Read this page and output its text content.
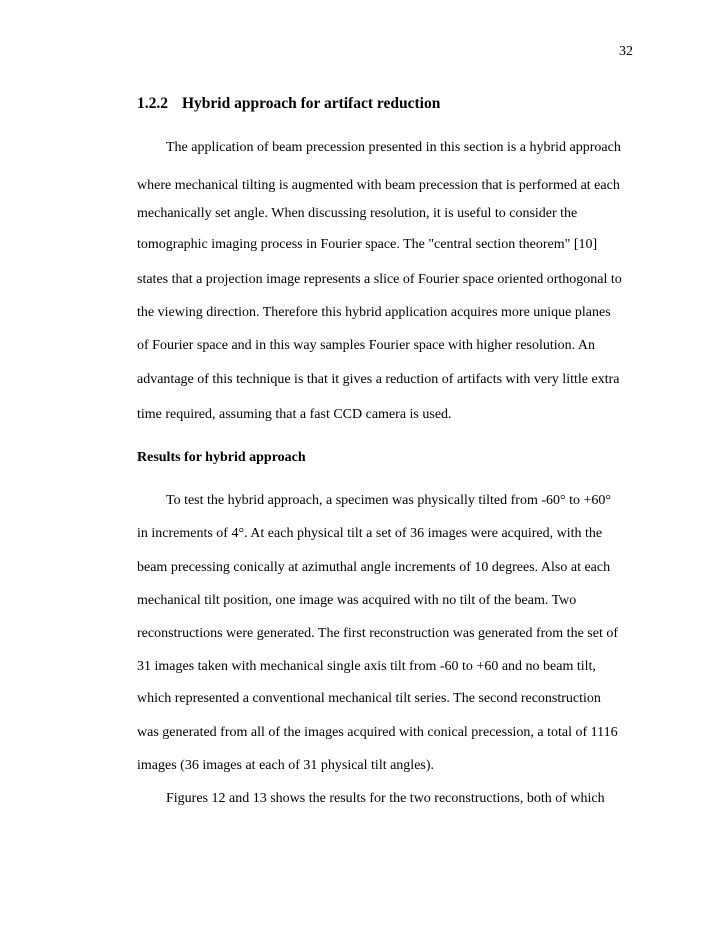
32
1.2.2 Hybrid approach for artifact reduction
The application of beam precession presented in this section is a hybrid approach
where mechanical tilting is augmented with beam precession that is performed at each
mechanically set angle. When discussing resolution, it is useful to consider the
tomographic imaging process in Fourier space. The "central section theorem" [10]
states that a projection image represents a slice of Fourier space oriented orthogonal to
the viewing direction. Therefore this hybrid application acquires more unique planes
of Fourier space and in this way samples Fourier space with higher resolution. An
advantage of this technique is that it gives a reduction of artifacts with very little extra
time required, assuming that a fast CCD camera is used.
Results for hybrid approach
To test the hybrid approach, a specimen was physically tilted from -60° to +60°
in increments of 4°. At each physical tilt a set of 36 images were acquired, with the
beam precessing conically at azimuthal angle increments of 10 degrees. Also at each
mechanical tilt position, one image was acquired with no tilt of the beam. Two
reconstructions were generated. The first reconstruction was generated from the set of
31 images taken with mechanical single axis tilt from -60 to +60 and no beam tilt,
which represented a conventional mechanical tilt series. The second reconstruction
was generated from all of the images acquired with conical precession, a total of 1116
images (36 images at each of 31 physical tilt angles).
Figures 12 and 13 shows the results for the two reconstructions, both of which
